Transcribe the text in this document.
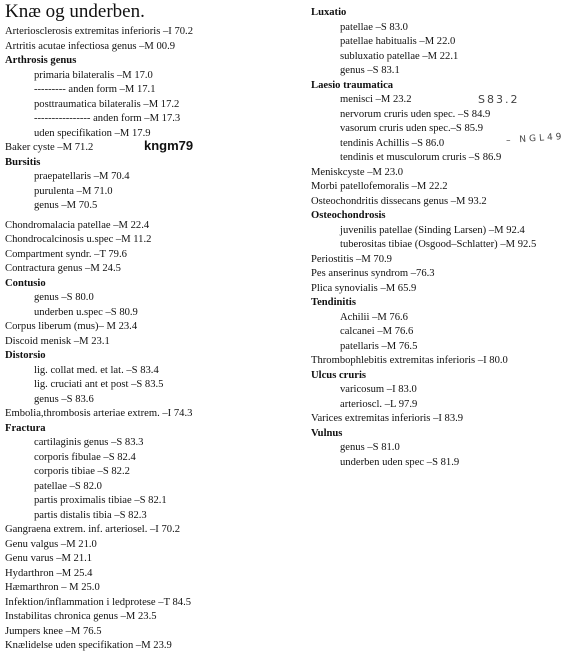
Knæ og underben.
Arteriosclerosis extremitas inferioris –I 70.2
Artritis acutae infectiosa genus –M 00.9
Arthrosis genus
primaria bilateralis –M 17.0
--------- anden form –M 17.1
posttraumatica bilateralis –M 17.2
---------------- anden form –M 17.3
uden specifikation –M 17.9
Baker cyste –M 71.2
Bursitis
praepatellaris –M 70.4
purulenta –M 71.0
genus –M 70.5
Chondromalacia patellae –M 22.4
Chondrocalcinosis u.spec –M 11.2
Compartment syndr. –T 79.6
Contractura genus –M 24.5
Contusio
genus –S 80.0
underben u.spec –S 80.9
Corpus liberum (mus)– M 23.4
Discoid menisk –M 23.1
Distorsio
lig. collat med. et lat. –S 83.4
lig. cruciati ant et post –S 83.5
genus –S 83.6
Embolia,thrombosis arteriae extrem. –I 74.3
Fractura
cartilaginis genus –S 83.3
corporis fibulae –S 82.4
corporis tibiae –S 82.2
patellae –S 82.0
partis proximalis tibiae –S 82.1
partis distalis tibia –S 82.3
Gangraena extrem. inf. arteriosel. –I 70.2
Genu valgus –M 21.0
Genu varus –M 21.1
Hydarthron –M 25.4
Hæmarthron – M 25.0
Infektion/inflammation i ledprotese –T 84.5
Instabilitas chronica genus –M 23.5
Jumpers knee –M 76.5
Knælidelse uden specifikation –M 23.9
Luxatio
patellae –S 83.0
patellae habitualis –M 22.0
subluxatio patellae –M 22.1
genus –S 83.1
Laesio traumatica
menisci –M 23.2
nervorum cruris uden spec. –S 84.9
vasorum cruris uden spec.–S 85.9
tendinis Achillis –S 86.0
tendinis et musculorum cruris –S 86.9
Meniskcyste –M 23.0
Morbi patellofemoralis –M 22.2
Osteochondritis dissecans genus –M 93.2
Osteochondrosis
juvenilis patellae (Sinding Larsen) –M 92.4
tuberositas tibiae (Osgood–Schlatter) –M 92.5
Periostitis –M 70.9
Pes anserinus syndrom –76.3
Plica synovialis –M 65.9
Tendinitis
Achilii –M 76.6
calcanei –M 76.6
patellaris –M 76.5
Thrombophlebitis extremitas inferioris –I 80.0
Ulcus cruris
varicosum –I 83.0
arterioscl. –L 97.9
Varices extremitas inferioris –I 83.9
Vulnus
genus –S 81.0
underben uden spec –S 81.9
kngm79
S83.2
– NGL49
